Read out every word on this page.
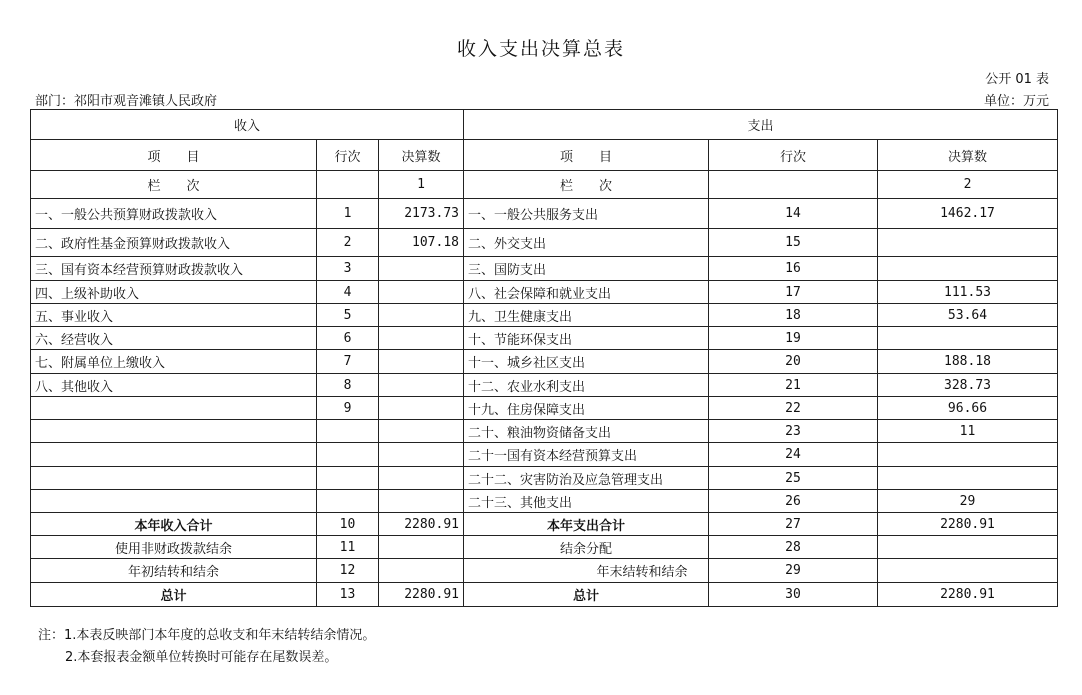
收入支出决算总表
公开 01 表
部门：祁阳市观音滩镇人民政府	单位：万元
收入			支出		
项　　目	行次	决算数	项　　目	行次	决算数
栏　　次		1	栏　　次		2
一、一般公共预算财政拨款收入	1	2173.73	一、一般公共服务支出	14	1462.17
二、政府性基金预算财政拨款收入	2	107.18	二、外交支出	15	
三、国有资本经营预算财政拨款收入	3		三、国防支出	16	
四、上级补助收入	4		八、社会保障和就业支出	17	111.53
五、事业收入	5		九、卫生健康支出	18	53.64
六、经营收入	6		十、节能环保支出	19	
七、附属单位上缴收入	7		十一、城乡社区支出	20	188.18
八、其他收入	8		十二、农业水利支出	21	328.73
	9		十九、住房保障支出	22	96.66
			二十、粮油物资储备支出	23	11
			二十一国有资本经营预算支出	24	
			二十二、灾害防治及应急管理支出	25	
			二十三、其他支出	26	29
本年收入合计	10	2280.91	本年支出合计	27	2280.91
使用非财政拨款结余	11		结余分配	28	
年初结转和结余	12		年末结转和结余	29	
总计	13	2280.91	总计	30	2280.91
注：1.本表反映部门本年度的总收支和年末结转结余情况。
2.本套报表金额单位转换时可能存在尾数误差。
